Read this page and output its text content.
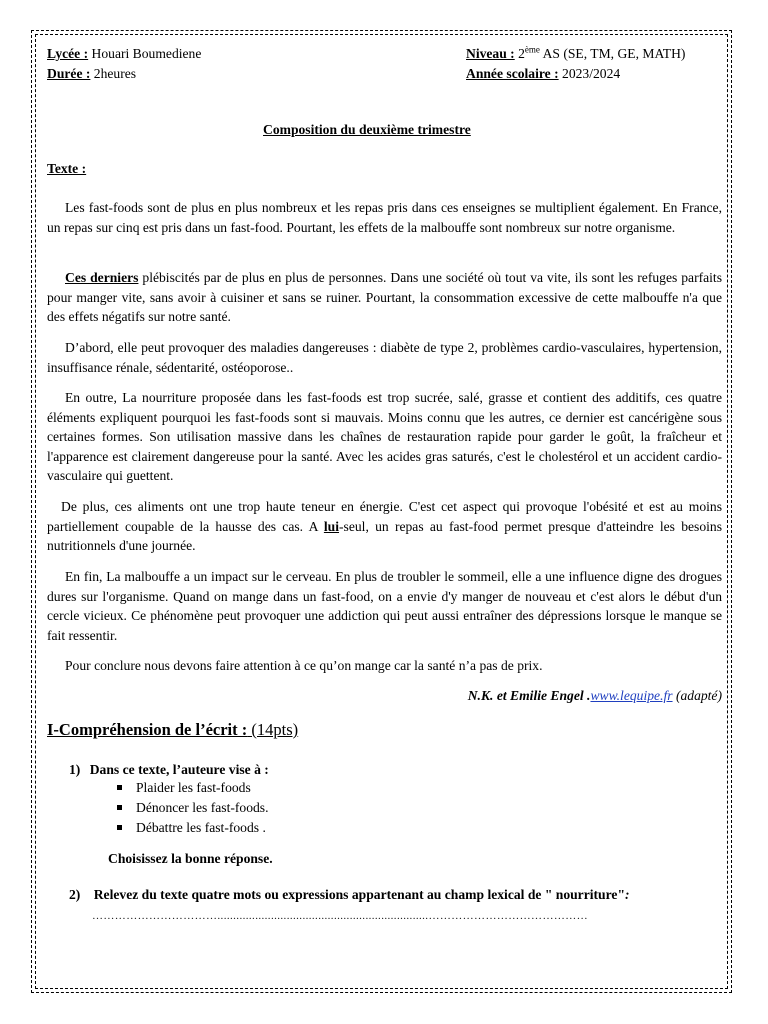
Lycée : Houari Boumediene
Durée : 2heures
Niveau : 2ème AS (SE, TM, GE, MATH)
Année scolaire : 2023/2024
Composition du deuxième trimestre
Texte :
Les fast-foods sont de plus en plus nombreux et les repas pris dans ces enseignes se multiplient également. En France, un repas sur cinq est pris dans un fast-food. Pourtant, les effets de la malbouffe sont nombreux sur notre organisme.
Ces derniers plébiscités par de plus en plus de personnes. Dans une société où tout va vite, ils sont les refuges parfaits pour manger vite, sans avoir à cuisiner et sans se ruiner. Pourtant, la consommation excessive de cette malbouffe n'a que des effets négatifs sur notre santé.
D’abord, elle peut provoquer des maladies dangereuses : diabète de type 2, problèmes cardio-vasculaires, hypertension, insuffisance rénale, sédentarité, ostéoporose..
En outre, La nourriture proposée dans les fast-foods est trop sucrée, salé, grasse et contient des additifs, ces quatre éléments expliquent pourquoi les fast-foods sont si mauvais. Moins connu que les autres, ce dernier est cancérigène sous certaines formes. Son utilisation massive dans les chaînes de restauration rapide pour garder le goût, la fraîcheur et l'apparence est clairement dangereuse pour la santé. Avec les acides gras saturés, c'est le cholestérol et un accident cardio-vasculaire qui guettent.
De plus, ces aliments ont une trop haute teneur en énergie. C'est cet aspect qui provoque l'obésité et est au moins partiellement coupable de la hausse des cas. A lui-seul, un repas au fast-food permet presque d'atteindre les besoins nutritionnels d'une journée.
En fin, La malbouffe a un impact sur le cerveau. En plus de troubler le sommeil, elle a une influence digne des drogues dures sur l'organisme. Quand on mange dans un fast-food, on a envie d'y manger de nouveau et c'est alors le début d'un cercle vicieux. Ce phénomène peut provoquer une addiction qui peut aussi entraîner des dépressions lorsque le manque se fait ressentir.
Pour conclure nous devons faire attention à ce qu’on mange car la santé n’a pas de prix.
N.K. et Emilie Engel .www.lequipe.fr (adapté)
I-Compréhension de l’écrit : (14pts)
1) Dans ce texte, l’auteure vise à :
Plaider les fast-foods
Dénoncer les fast-foods.
Débattre les fast-foods .
Choisissez la bonne réponse.
2) Relevez du texte quatre mots ou expressions appartenant au champ lexical de " nourriture":
……………………………...................................................................……………………………………
